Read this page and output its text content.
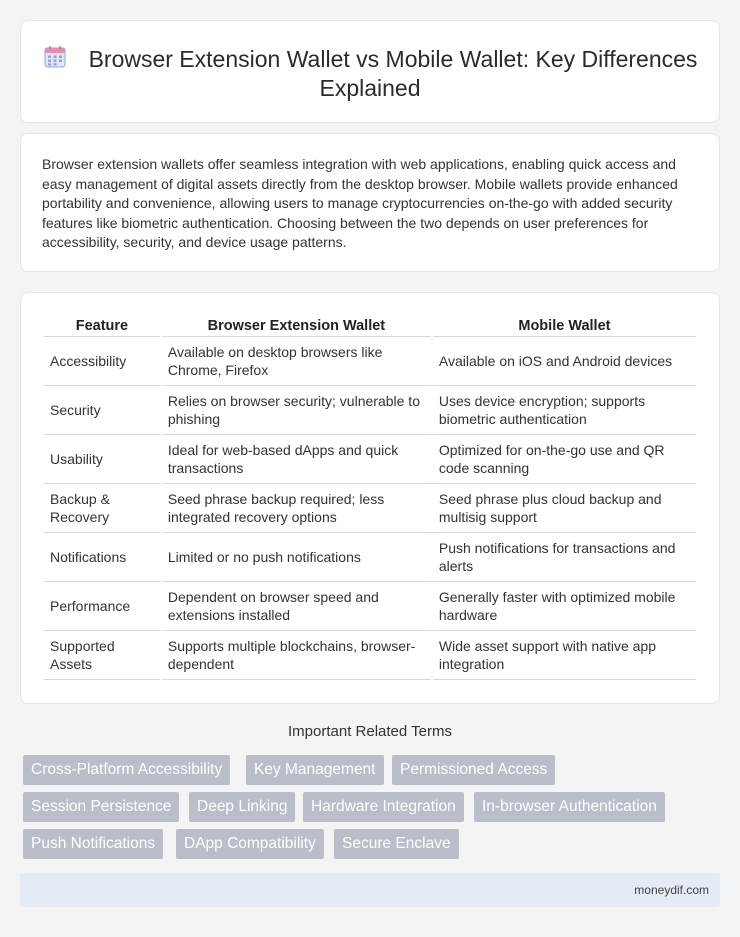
Browser Extension Wallet vs Mobile Wallet: Key Differences Explained

Browser extension wallets offer seamless integration with web applications, enabling quick access and easy management of digital assets directly from the desktop browser. Mobile wallets provide enhanced portability and convenience, allowing users to manage cryptocurrencies on-the-go with added security features like biometric authentication. Choosing between the two depends on user preferences for accessibility, security, and device usage patterns.

Feature	Browser Extension Wallet	Mobile Wallet
Accessibility	Available on desktop browsers like Chrome, Firefox	Available on iOS and Android devices
Security	Relies on browser security; vulnerable to phishing	Uses device encryption; supports biometric authentication
Usability	Ideal for web-based dApps and quick transactions	Optimized for on-the-go use and QR code scanning
Backup & Recovery	Seed phrase backup required; less integrated recovery options	Seed phrase plus cloud backup and multisig support
Notifications	Limited or no push notifications	Push notifications for transactions and alerts
Performance	Dependent on browser speed and extensions installed	Generally faster with optimized mobile hardware
Supported Assets	Supports multiple blockchains, browser-dependent	Wide asset support with native app integration
Important Related Terms
Cross-Platform Accessibility	Key Management	Permissioned Access
Session Persistence	Deep Linking	Hardware Integration	In-browser Authentication
Push Notifications	DApp Compatibility	Secure Enclave
moneydif.com
